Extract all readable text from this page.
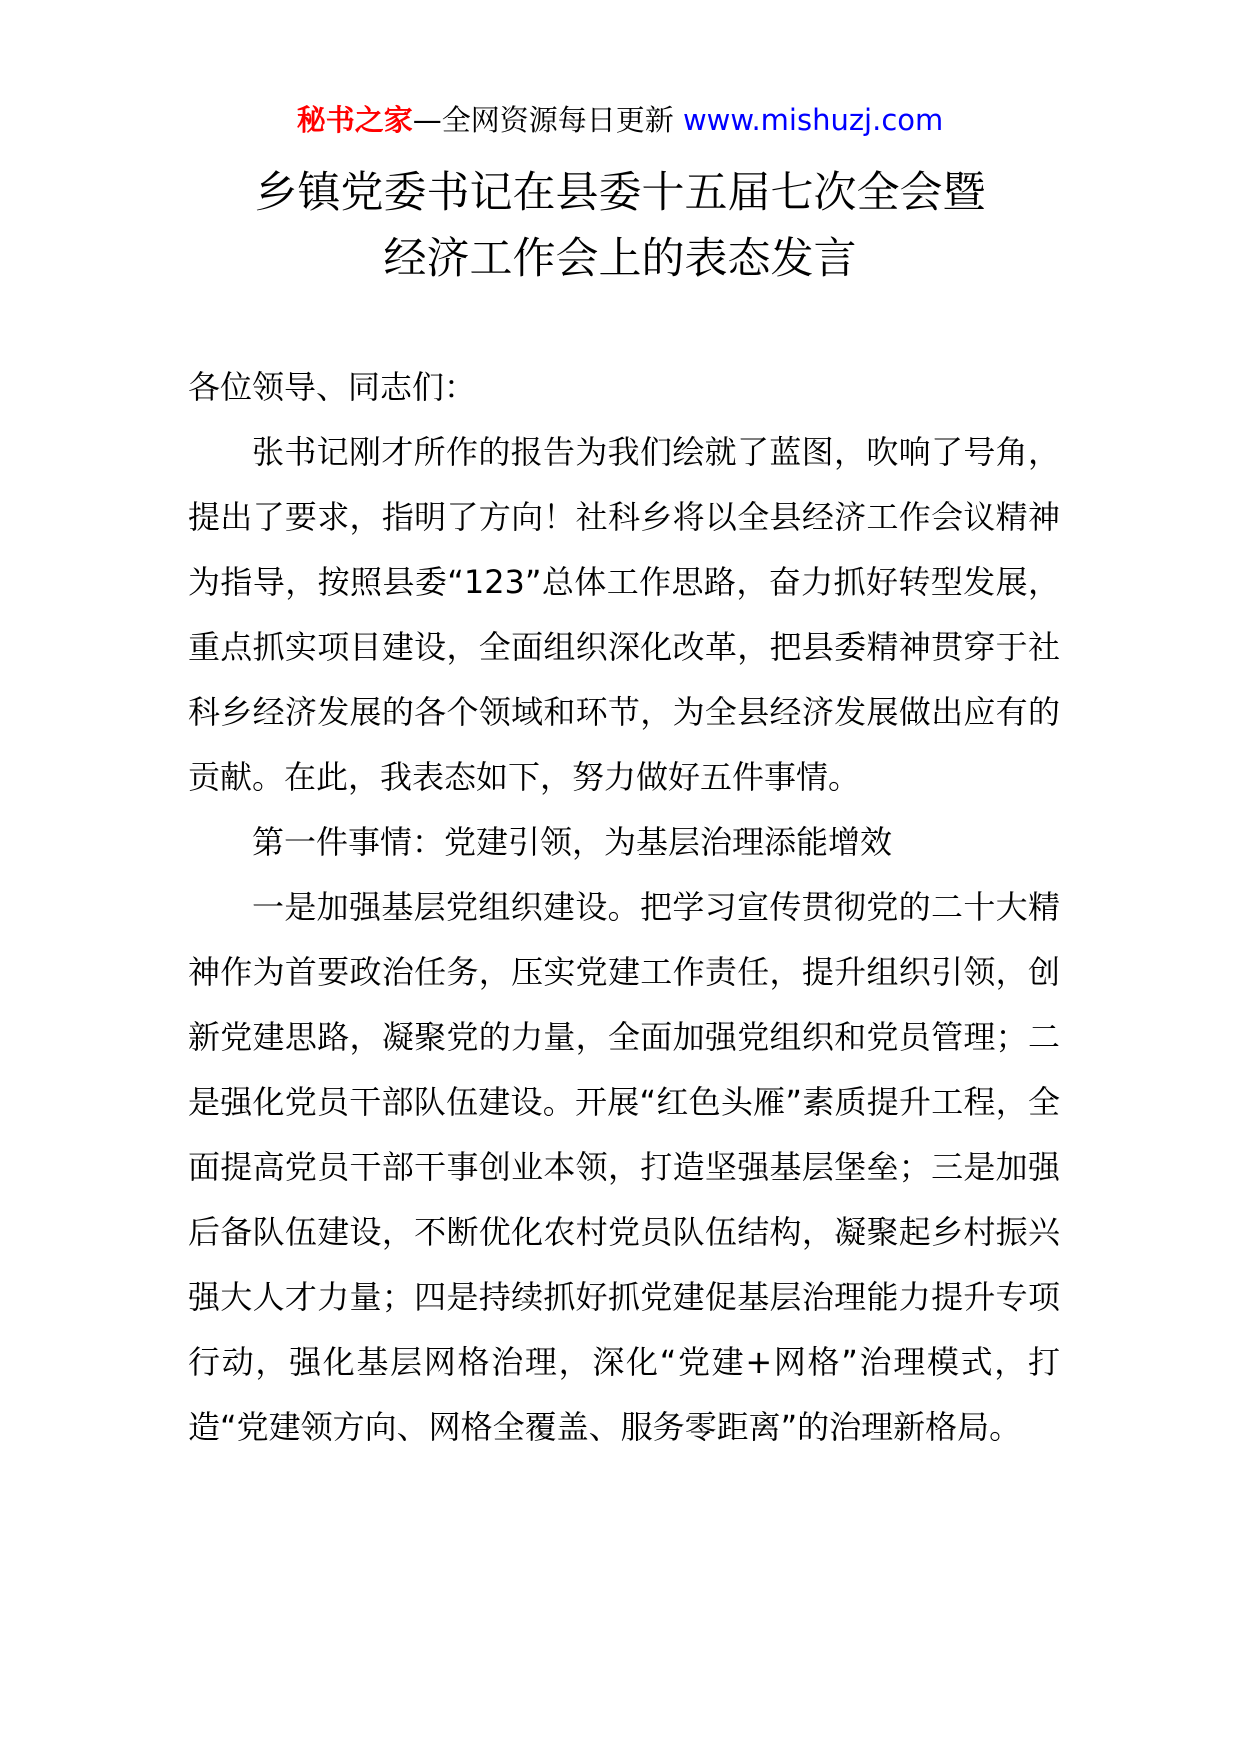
秘书之家—全网资源每日更新 www.mishuzj.com
乡镇党委书记在县委十五届七次全会暨
经济工作会上的表态发言

各位领导、同志们：

张书记刚才所作的报告为我们绘就了蓝图，吹响了号角，提出了要求，指明了方向！社科乡将以全县经济工作会议精神为指导，按照县委“123”总体工作思路，奋力抓好转型发展，重点抓实项目建设，全面组织深化改革，把县委精神贯穿于社科乡经济发展的各个领域和环节，为全县经济发展做出应有的贡献。在此，我表态如下，努力做好五件事情。

第一件事情：党建引领，为基层治理添能增效

一是加强基层党组织建设。把学习宣传贯彻党的二十大精神作为首要政治任务，压实党建工作责任，提升组织引领，创新党建思路，凝聚党的力量，全面加强党组织和党员管理；二是强化党员干部队伍建设。开展“红色头雁”素质提升工程，全面提高党员干部干事创业本领，打造坚强基层堡垒；三是加强后备队伍建设，不断优化农村党员队伍结构，凝聚起乡村振兴强大人才力量；四是持续抓好抓党建促基层治理能力提升专项行动，强化基层网格治理，深化“党建+网格”治理模式，打造“党建领方向、网格全覆盖、服务零距离”的治理新格局。
